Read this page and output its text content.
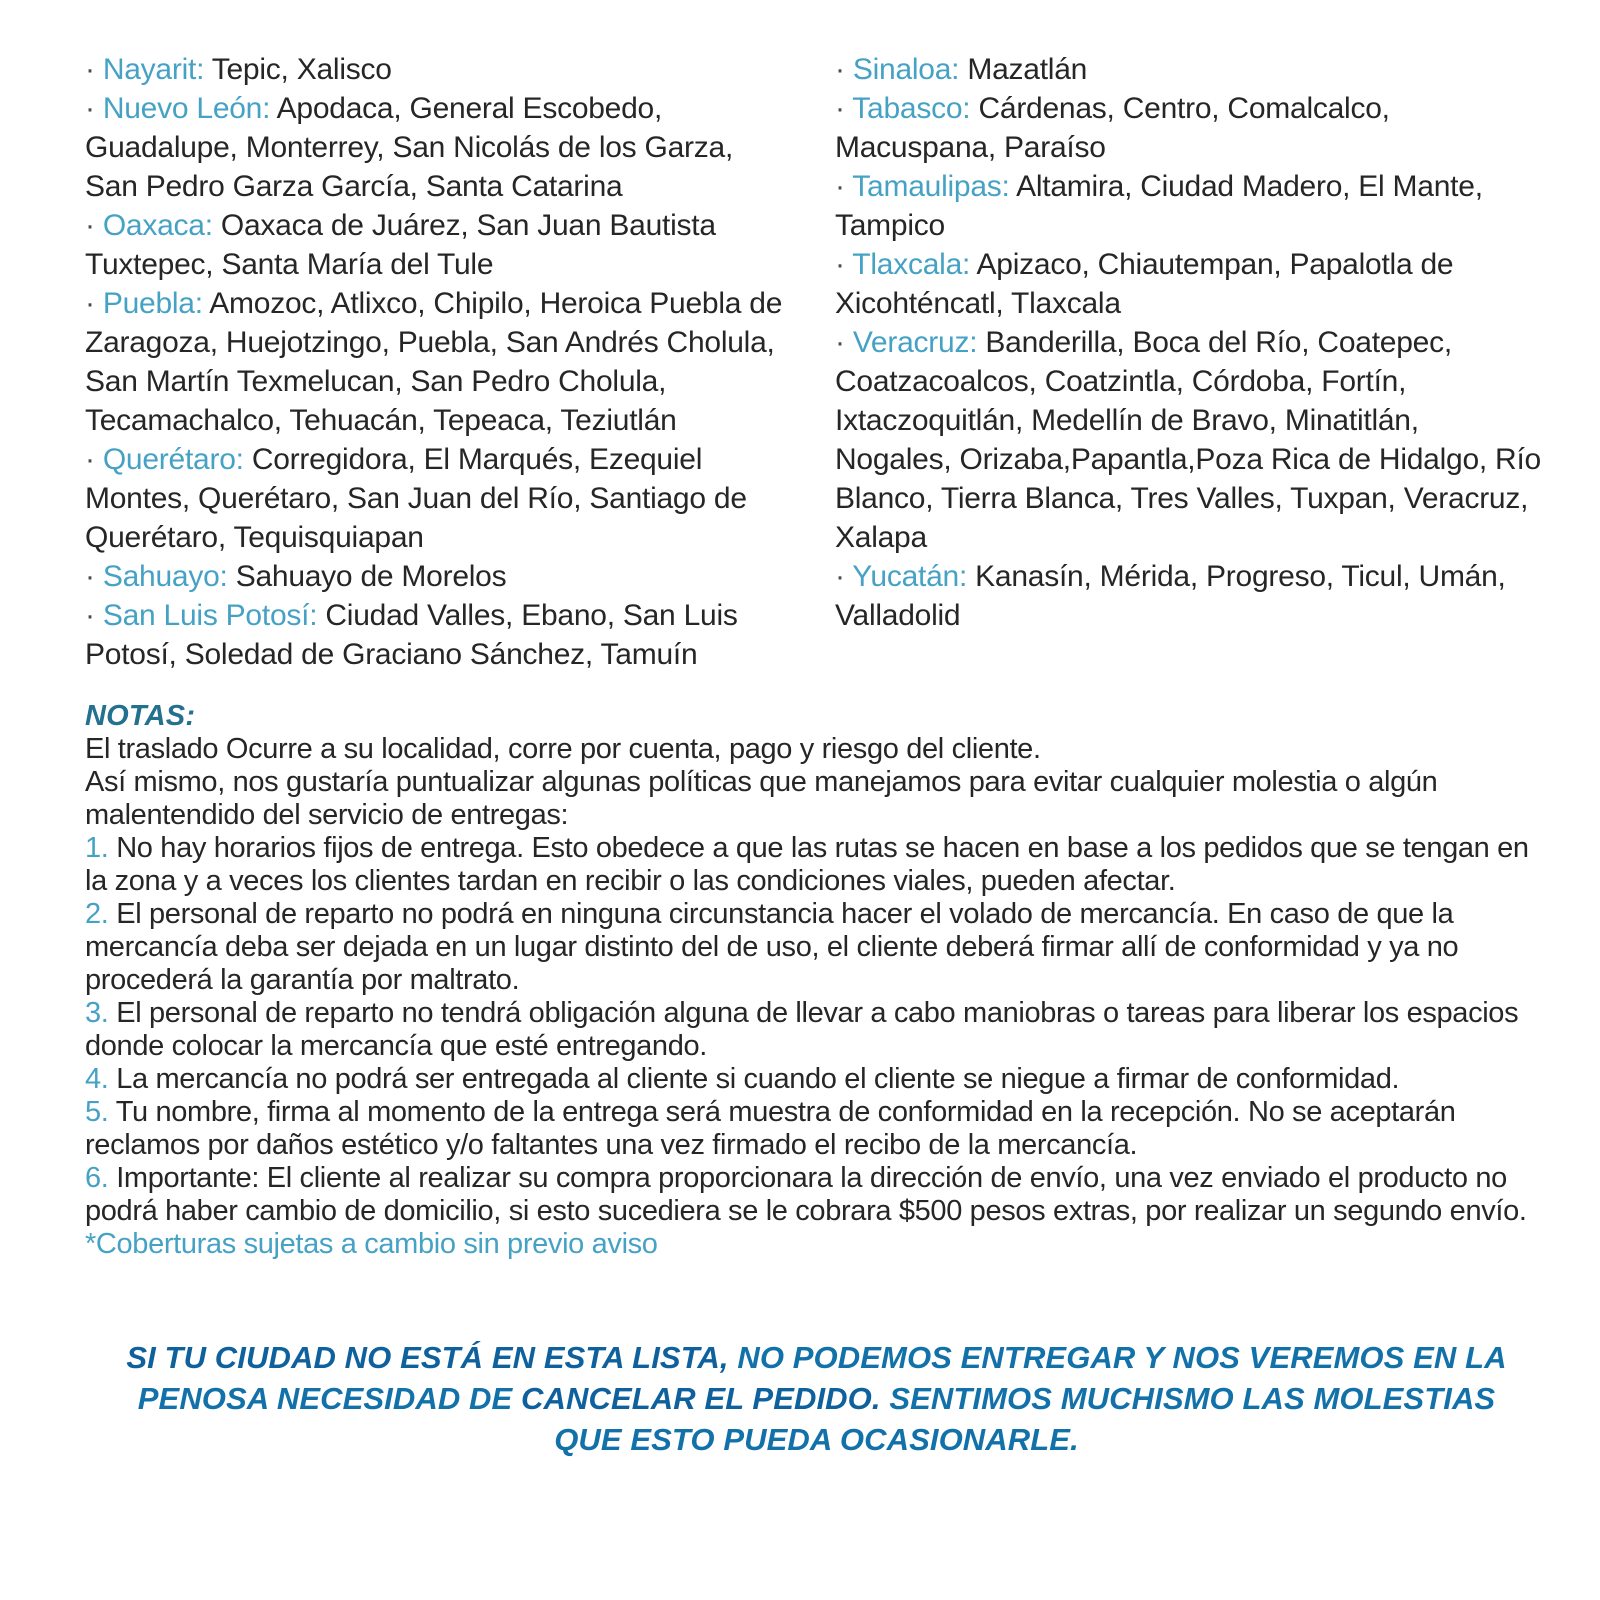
· Nayarit : Tepic, Xalisco

· Nuevo León : Apodaca, General Escobedo, Guadalupe, Monterrey, San Nicolás de los Garza, San Pedro Garza García, Santa Catarina

· Oaxaca : Oaxaca de Juárez, San Juan Bautista Tuxtepec, Santa María del Tule

· Puebla : Amozoc, Atlixco, Chipilo, Heroica Puebla de Zaragoza, Huejotzingo, Puebla, San Andrés Cholula, San Martín Texmelucan, San Pedro Cholula, Tecamachalco, Tehuacán, Tepeaca, Teziutlán

· Querétaro : Corregidora, El Marqués, Ezequiel Montes, Querétaro, San Juan del Río, Santiago de Querétaro, Tequisquiapan

· Sahuayo : Sahuayo de Morelos

· San Luis Potosí : Ciudad Valles, Ebano, San Luis Potosí, Soledad de Graciano Sánchez, Tamuín

· Sinaloa : Mazatlán

· Tabasco : Cárdenas, Centro, Comalcalco, Macuspana, Paraíso

· Tamaulipas : Altamira, Ciudad Madero, El Mante, Tampico

· Tlaxcala : Apizaco, Chiautempan, Papalotla de Xicohténcatl, Tlaxcala

· Veracruz : Banderilla, Boca del Río, Coatepec, Coatzacoalcos, Coatzintla, Córdoba, Fortín, Ixtaczoquitlán, Medellín de Bravo, Minatitlán, Nogales, Orizaba,Papantla,Poza Rica de Hidalgo, Río Blanco, Tierra Blanca, Tres Valles, Tuxpan, Veracruz, Xalapa

· Yucatán : Kanasín, Mérida, Progreso, Ticul, Umán, Valladolid

NOTAS:

El traslado Ocurre a su localidad, corre por cuenta, pago y riesgo del cliente.

Así mismo, nos gustaría puntualizar algunas políticas que manejamos para evitar cualquier molestia o algún malentendido del servicio de entregas:

1. No hay horarios fijos de entrega. Esto obedece a que las rutas se hacen en base a los pedidos que se tengan en la zona y a veces los clientes tardan en recibir o las condiciones viales, pueden afectar.

2. El personal de reparto no podrá en ninguna circunstancia hacer el volado de mercancía. En caso de que la mercancía deba ser dejada en un lugar distinto del de uso, el cliente deberá firmar allí de conformidad y ya no procederá la garantía por maltrato.

3. El personal de reparto no tendrá obligación alguna de llevar a cabo maniobras o tareas para liberar los espacios donde colocar la mercancía que esté entregando.

4. La mercancía no podrá ser entregada al cliente si cuando el cliente se niegue a firmar de conformidad.

5. Tu nombre, firma al momento de la entrega será muestra de conformidad en la recepción. No se aceptarán reclamos por daños estético y/o faltantes una vez firmado el recibo de la mercancía.

6. Importante: El cliente al realizar su compra proporcionara la dirección de envío, una vez enviado el producto no podrá haber cambio de domicilio, si esto sucediera se le cobrara $500 pesos extras, por realizar un segundo envío.

*Coberturas sujetas a cambio sin previo aviso

SI TU CIUDAD NO ESTÁ EN ESTA LISTA, NO PODEMOS ENTREGAR Y NOS VEREMOS EN LA PENOSA NECESIDAD DE CANCELAR EL PEDIDO. SENTIMOS MUCHISMO LAS MOLESTIAS QUE ESTO PUEDA OCASIONARLE.
